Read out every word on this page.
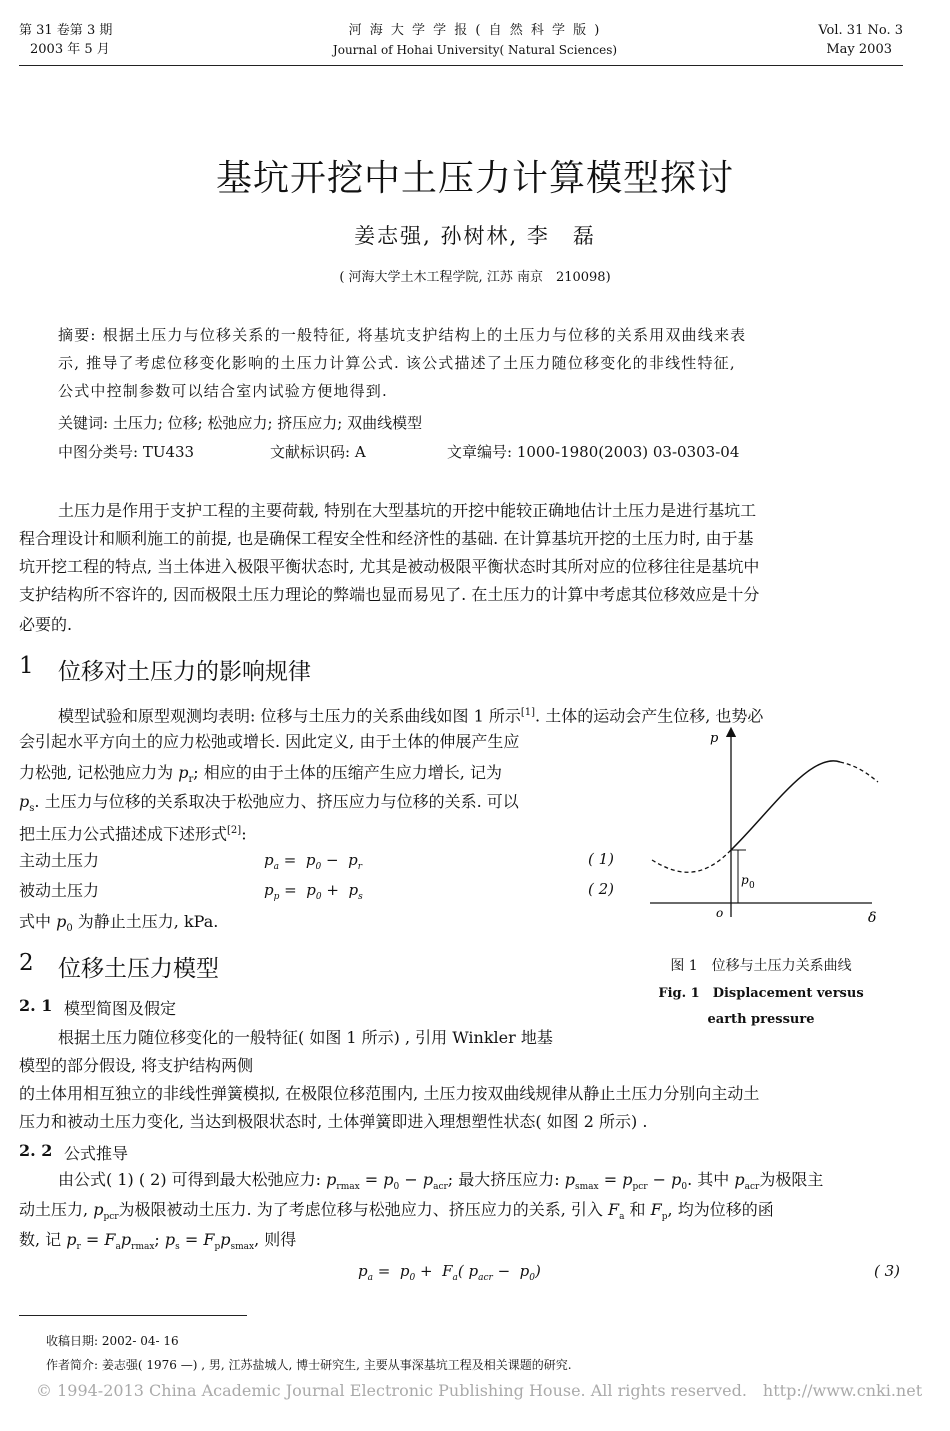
第 31 卷第 3 期
2003 年 5 月
河 海 大 学 学 报 ( 自 然 科 学 版 )
Journal of Hohai University( Natural Sciences)
Vol. 31 No. 3
May 2003
基坑开挖中土压力计算模型探讨
姜志强, 孙树林, 李　磊
( 河海大学土木工程学院, 江苏 南京　210098)
摘要: 根据土压力与位移关系的一般特征, 将基坑支护结构上的土压力与位移的关系用双曲线来表
示, 推导了考虑位移变化影响的土压力计算公式. 该公式描述了土压力随位移变化的非线性特征,
公式中控制参数可以结合室内试验方便地得到.
关键词: 土压力; 位移; 松弛应力; 挤压应力; 双曲线模型
中图分类号: TU433	文献标识码: A	文章编号: 1000-1980(2003) 03-0303-04
土压力是作用于支护工程的主要荷载, 特别在大型基坑的开挖中能较正确地估计土压力是进行基坑工
程合理设计和顺利施工的前提, 也是确保工程安全性和经济性的基础. 在计算基坑开挖的土压力时, 由于基
坑开挖工程的特点, 当土体进入极限平衡状态时, 尤其是被动极限平衡状态时其所对应的位移往往是基坑中
支护结构所不容许的, 因而极限土压力理论的弊端也显而易见了. 在土压力的计算中考虑其位移效应是十分
必要的.
1 位移对土压力的影响规律
模型试验和原型观测均表明: 位移与土压力的关系曲线如图 1 所示[1]. 土体的运动会产生位移, 也势必
会引起水平方向土的应力松弛或增长. 因此定义, 由于土体的伸展产生应
力松弛, 记松弛应力为 $p_r$; 相应的由于土体的压缩产生应力增长, 记为
$p_s$. 土压力与位移的关系取决于松弛应力、挤压应力与位移的关系. 可以
把土压力公式描述成下述形式[2]:
主动土压力	$p_a = p_0 - p_r$	( 1)
被动土压力	$p_p = p_0 + p_s$	( 2)
式中 $p_0$ 为静止土压力, kPa.
p
o	δ
p 0
图 1　位移与土压力关系曲线
Fig. 1　Displacement versus
earth pressure
2 位移土压力模型
2. 1 模型简图及假定
根据土压力随位移变化的一般特征( 如图 1 所示) , 引用 Winkler 地基
模型的部分假设, 将支护结构两侧
的土体用相互独立的非线性弹簧模拟, 在极限位移范围内, 土压力按双曲线规律从静止土压力分别向主动土
压力和被动土压力变化, 当达到极限状态时, 土体弹簧即进入理想塑性状态( 如图 2 所示) .
2. 2 公式推导
由公式( 1) ( 2) 可得到最大松弛应力: $p_{rmax} = p_0 - p_{acr}$; 最大挤压应力: $p_{smax} = p_{pcr} - p_0$. 其中 $p_{acr}$为极限主
动土压力, $p_{pcr}$为极限被动土压力. 为了考虑位移与松弛应力、挤压应力的关系, 引入 $F_a$ 和 $F_p$, 均为位移的函
数, 记 $p_r = F_ap_{rmax}$; $p_s = F_pp_{smax}$, 则得
$p_a = p_0 + F_a$( $p_{acr} - p_0$)	( 3)
收稿日期: 2002- 04- 16
作者简介: 姜志强( 1976 —) , 男, 江苏盐城人, 博士研究生, 主要从事深基坑工程及相关课题的研究.
© 1994-2013 China Academic Journal Electronic Publishing House. All rights reserved.　http://www.cnki.net
